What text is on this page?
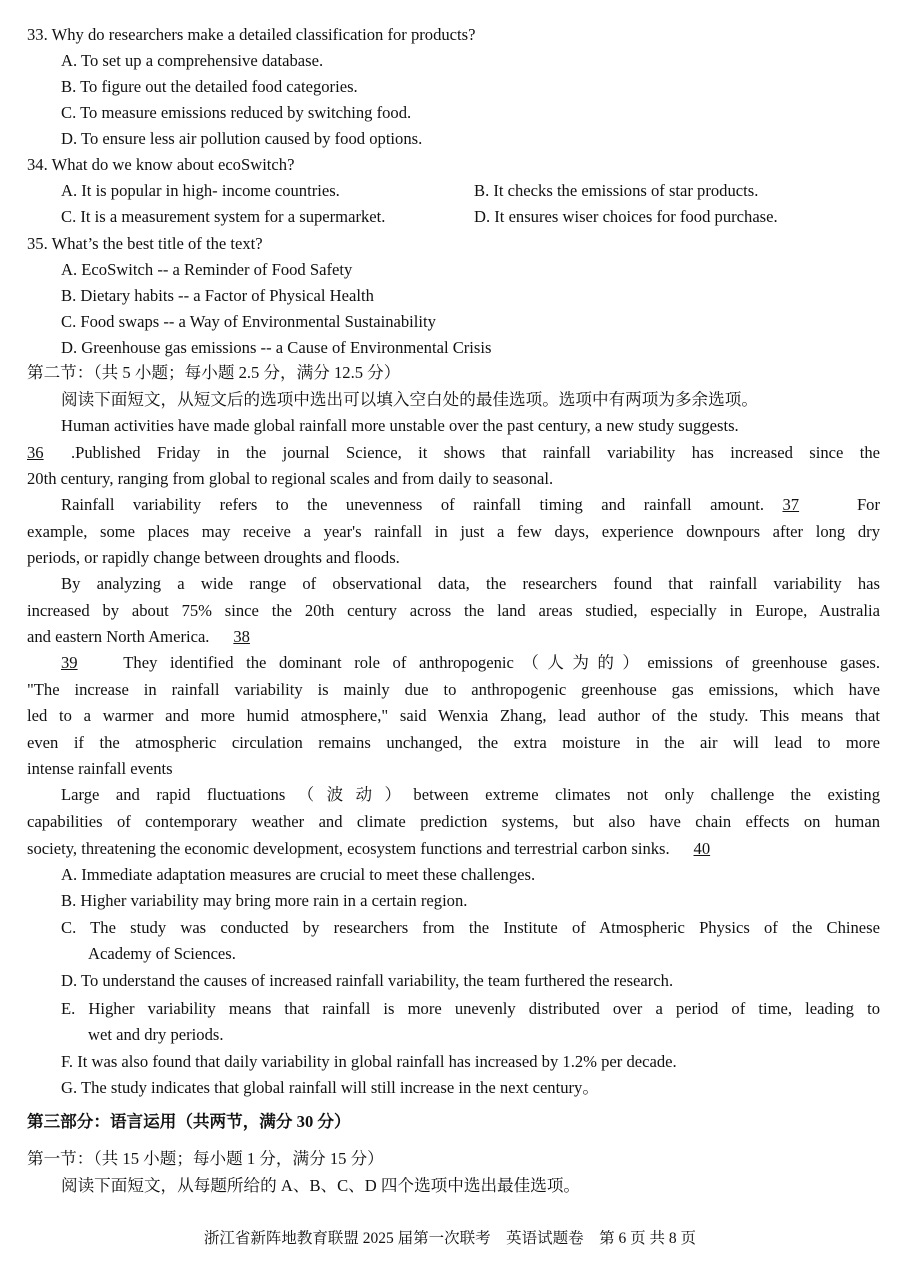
33. Why do researchers make a detailed classification for products?
A. To set up a comprehensive database.
B. To figure out the detailed food categories.
C. To measure emissions reduced by switching food.
D. To ensure less air pollution caused by food options.
34. What do we know about ecoSwitch?
A. It is popular in high- income countries.	B. It checks the emissions of star products.
C. It is a measurement system for a supermarket.	D. It ensures wiser choices for food purchase.
35. What’s the best title of the text?
A. EcoSwitch -- a Reminder of Food Safety
B. Dietary habits -- a Factor of Physical Health
C. Food swaps -- a Way of Environmental Sustainability
D. Greenhouse gas emissions -- a Cause of Environmental Crisis
第二节：（共 5 小题；每小题 2.5 分，满分 12.5 分）
阅读下面短文，从短文后的选项中选出可以填入空白处的最佳选项。选项中有两项为多余选项。
Human activities have made global rainfall more unstable over the past century, a new study suggests.
36 .Published Friday in the journal Science, it shows that rainfall variability has increased since the
20th century, ranging from global to regional scales and from daily to seasonal.
Rainfall variability refers to the unevenness of rainfall timing and rainfall amount. 37	For
example, some places may receive a year's rainfall in just a few days, experience downpours after long dry
periods, or rapidly change between droughts and floods.
By analyzing a wide range of observational data, the researchers found that rainfall variability has
increased by about 75% since the 20th century across the land areas studied, especially in Europe, Australia
and eastern North America. 38
39	They identified the dominant role of anthropogenic（人为的）emissions of greenhouse gases.
"The increase in rainfall variability is mainly due to anthropogenic greenhouse gas emissions, which have
led to a warmer and more humid atmosphere," said Wenxia Zhang, lead author of the study. This means that
even if the atmospheric circulation remains unchanged, the extra moisture in the air will lead to more
intense rainfall events
Large and rapid fluctuations（波动）between extreme climates not only challenge the existing
capabilities of contemporary weather and climate prediction systems, but also have chain effects on human
society, threatening the economic development, ecosystem functions and terrestrial carbon sinks. 40
A. Immediate adaptation measures are crucial to meet these challenges.
B. Higher variability may bring more rain in a certain region.
C. The study was conducted by researchers from the Institute of Atmospheric Physics of the Chinese
Academy of Sciences.
D. To understand the causes of increased rainfall variability, the team furthered the research.
E. Higher variability means that rainfall is more unevenly distributed over a period of time, leading to
wet and dry periods.
F. It was also found that daily variability in global rainfall has increased by 1.2% per decade.
G. The study indicates that global rainfall will still increase in the next century。
第三部分：语言运用（共两节，满分 30 分）
第一节：（共 15 小题；每小题 1 分，满分 15 分）
阅读下面短文，从每题所给的 A、B、C、D 四个选项中选出最佳选项。
浙江省新阵地教育联盟 2025 届第一次联考　英语试题卷　第 6 页 共 8 页
